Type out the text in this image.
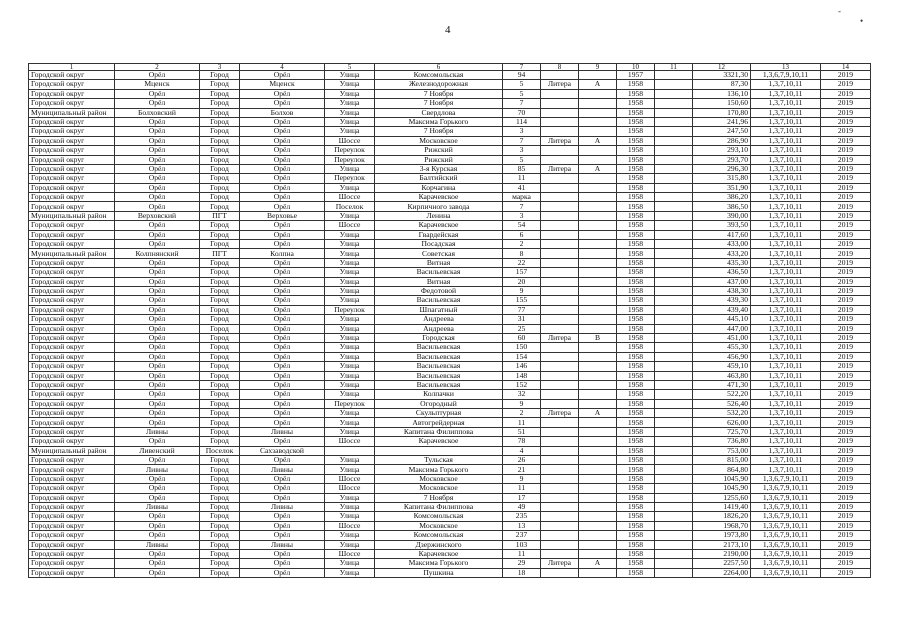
4
-
•
1	2	3	4	5	6	7	8	9	10	11	12	13	14
Городской округ	Орёл	Город	Орёл	Улица	Комсомольская	94			1957		3321,30	1,3,6,7,9,10,11	2019
Городской округ	Мценск	Город	Мценск	Улица	Железнодорожная	5	Литера	А	1958		87,30	1,3,7,10,11	2019
Городской округ	Орёл	Город	Орёл	Улица	7 Ноября	5			1958		136,10	1,3,7,10,11	2019
Городской округ	Орёл	Город	Орёл	Улица	7 Ноября	7			1958		150,60	1,3,7,10,11	2019
Муниципальный район	Болховский	Город	Болхов	Улица	Свердлова	70			1958		170,80	1,3,7,10,11	2019
Городской округ	Орёл	Город	Орёл	Улица	Максима Горького	114			1958		241,96	1,3,7,10,11	2019
Городской округ	Орёл	Город	Орёл	Улица	7 Ноября	3			1958		247,50	1,3,7,10,11	2019
Городской округ	Орёл	Город	Орёл	Шоссе	Московское	7	Литера	А	1958		286,90	1,3,7,10,11	2019
Городской округ	Орёл	Город	Орёл	Переулок	Рижский	3			1958		293,10	1,3,7,10,11	2019
Городской округ	Орёл	Город	Орёл	Переулок	Рижский	5			1958		293,70	1,3,7,10,11	2019
Городской округ	Орёл	Город	Орёл	Улица	3-я Курская	85	Литера	А	1958		296,30	1,3,7,10,11	2019
Городской округ	Орёл	Город	Орёл	Переулок	Балтийский	11			1958		315,80	1,3,7,10,11	2019
Городской округ	Орёл	Город	Орёл	Улица	Корчагина	41			1958		351,90	1,3,7,10,11	2019
Городской округ	Орёл	Город	Орёл	Шоссе	Карачевское	марка			1958		386,20	1,3,7,10,11	2019
Городской округ	Орёл	Город	Орёл	Поселок	Кирпичного завода	7			1958		386,50	1,3,7,10,11	2019
Муниципальный район	Верховский	ПГТ	Верховье	Улица	Ленина	3			1958		390,00	1,3,7,10,11	2019
Городской округ	Орёл	Город	Орёл	Шоссе	Карачевское	54			1958		393,50	1,3,7,10,11	2019
Городской округ	Орёл	Город	Орёл	Улица	Гвардейская	6			1958		417,60	1,3,7,10,11	2019
Городской округ	Орёл	Город	Орёл	Улица	Посадская	2			1958		433,00	1,3,7,10,11	2019
Муниципальный район	Колпнянский	ПГТ	Колпна	Улица	Советская	8			1958		433,20	1,3,7,10,11	2019
Городской округ	Орёл	Город	Орёл	Улица	Витная	22			1958		435,30	1,3,7,10,11	2019
Городской округ	Орёл	Город	Орёл	Улица	Васильевская	157			1958		436,50	1,3,7,10,11	2019
Городской округ	Орёл	Город	Орёл	Улица	Витная	20			1958		437,00	1,3,7,10,11	2019
Городской округ	Орёл	Город	Орёл	Улица	Федотовой	9			1958		438,30	1,3,7,10,11	2019
Городской округ	Орёл	Город	Орёл	Улица	Васильевская	155			1958		439,30	1,3,7,10,11	2019
Городской округ	Орёл	Город	Орёл	Переулок	Шпагатный	77			1958		439,40	1,3,7,10,11	2019
Городской округ	Орёл	Город	Орёл	Улица	Андреева	31			1958		445,10	1,3,7,10,11	2019
Городской округ	Орёл	Город	Орёл	Улица	Андреева	25			1958		447,00	1,3,7,10,11	2019
Городской округ	Орёл	Город	Орёл	Улица	Городская	60	Литера	В	1958		451,00	1,3,7,10,11	2019
Городской округ	Орёл	Город	Орёл	Улица	Васильевская	150			1958		455,30	1,3,7,10,11	2019
Городской округ	Орёл	Город	Орёл	Улица	Васильевская	154			1958		456,90	1,3,7,10,11	2019
Городской округ	Орёл	Город	Орёл	Улица	Васильевская	146			1958		459,10	1,3,7,10,11	2019
Городской округ	Орёл	Город	Орёл	Улица	Васильевская	148			1958		463,80	1,3,7,10,11	2019
Городской округ	Орёл	Город	Орёл	Улица	Васильевская	152			1958		471,30	1,3,7,10,11	2019
Городской округ	Орёл	Город	Орёл	Улица	Колпачки	32			1958		522,20	1,3,7,10,11	2019
Городской округ	Орёл	Город	Орёл	Переулок	Огородный	9			1958		526,40	1,3,7,10,11	2019
Городской округ	Орёл	Город	Орёл	Улица	Скульптурная	2	Литера	А	1958		532,20	1,3,7,10,11	2019
Городской округ	Орёл	Город	Орёл	Улица	Автогрейдерная	11			1958		626,00	1,3,7,10,11	2019
Городской округ	Ливны	Город	Ливны	Улица	Капитана Филиппова	51			1958		725,70	1,3,7,10,11	2019
Городской округ	Орёл	Город	Орёл	Шоссе	Карачевское	78			1958		736,80	1,3,7,10,11	2019
Муниципальный район	Ливенский	Поселок	Сахзаводской			4			1958		753,00	1,3,7,10,11	2019
Городской округ	Орёл	Город	Орёл	Улица	Тульская	26			1958		815,00	1,3,7,10,11	2019
Городской округ	Ливны	Город	Ливны	Улица	Максима Горького	21			1958		864,80	1,3,7,10,11	2019
Городской округ	Орёл	Город	Орёл	Шоссе	Московское	9			1958		1045,90	1,3,6,7,9,10,11	2019
Городской округ	Орёл	Город	Орёл	Шоссе	Московское	11			1958		1045,90	1,3,6,7,9,10,11	2019
Городской округ	Орёл	Город	Орёл	Улица	7 Ноября	17			1958		1255,60	1,3,6,7,9,10,11	2019
Городской округ	Ливны	Город	Ливны	Улица	Капитана Филиппова	49			1958		1419,40	1,3,6,7,9,10,11	2019
Городской округ	Орёл	Город	Орёл	Улица	Комсомольская	235			1958		1826,20	1,3,6,7,9,10,11	2019
Городской округ	Орёл	Город	Орёл	Шоссе	Московское	13			1958		1968,70	1,3,6,7,9,10,11	2019
Городской округ	Орёл	Город	Орёл	Улица	Комсомольская	237			1958		1973,80	1,3,6,7,9,10,11	2019
Городской округ	Ливны	Город	Ливны	Улица	Дзержинского	103			1958		2173,10	1,3,6,7,9,10,11	2019
Городской округ	Орёл	Город	Орёл	Шоссе	Карачевское	11			1958		2190,00	1,3,6,7,9,10,11	2019
Городской округ	Орёл	Город	Орёл	Улица	Максима Горького	29	Литера	А	1958		2257,50	1,3,6,7,9,10,11	2019
Городской округ	Орёл	Город	Орёл	Улица	Пушкина	18			1958		2264,00	1,3,6,7,9,10,11	2019
